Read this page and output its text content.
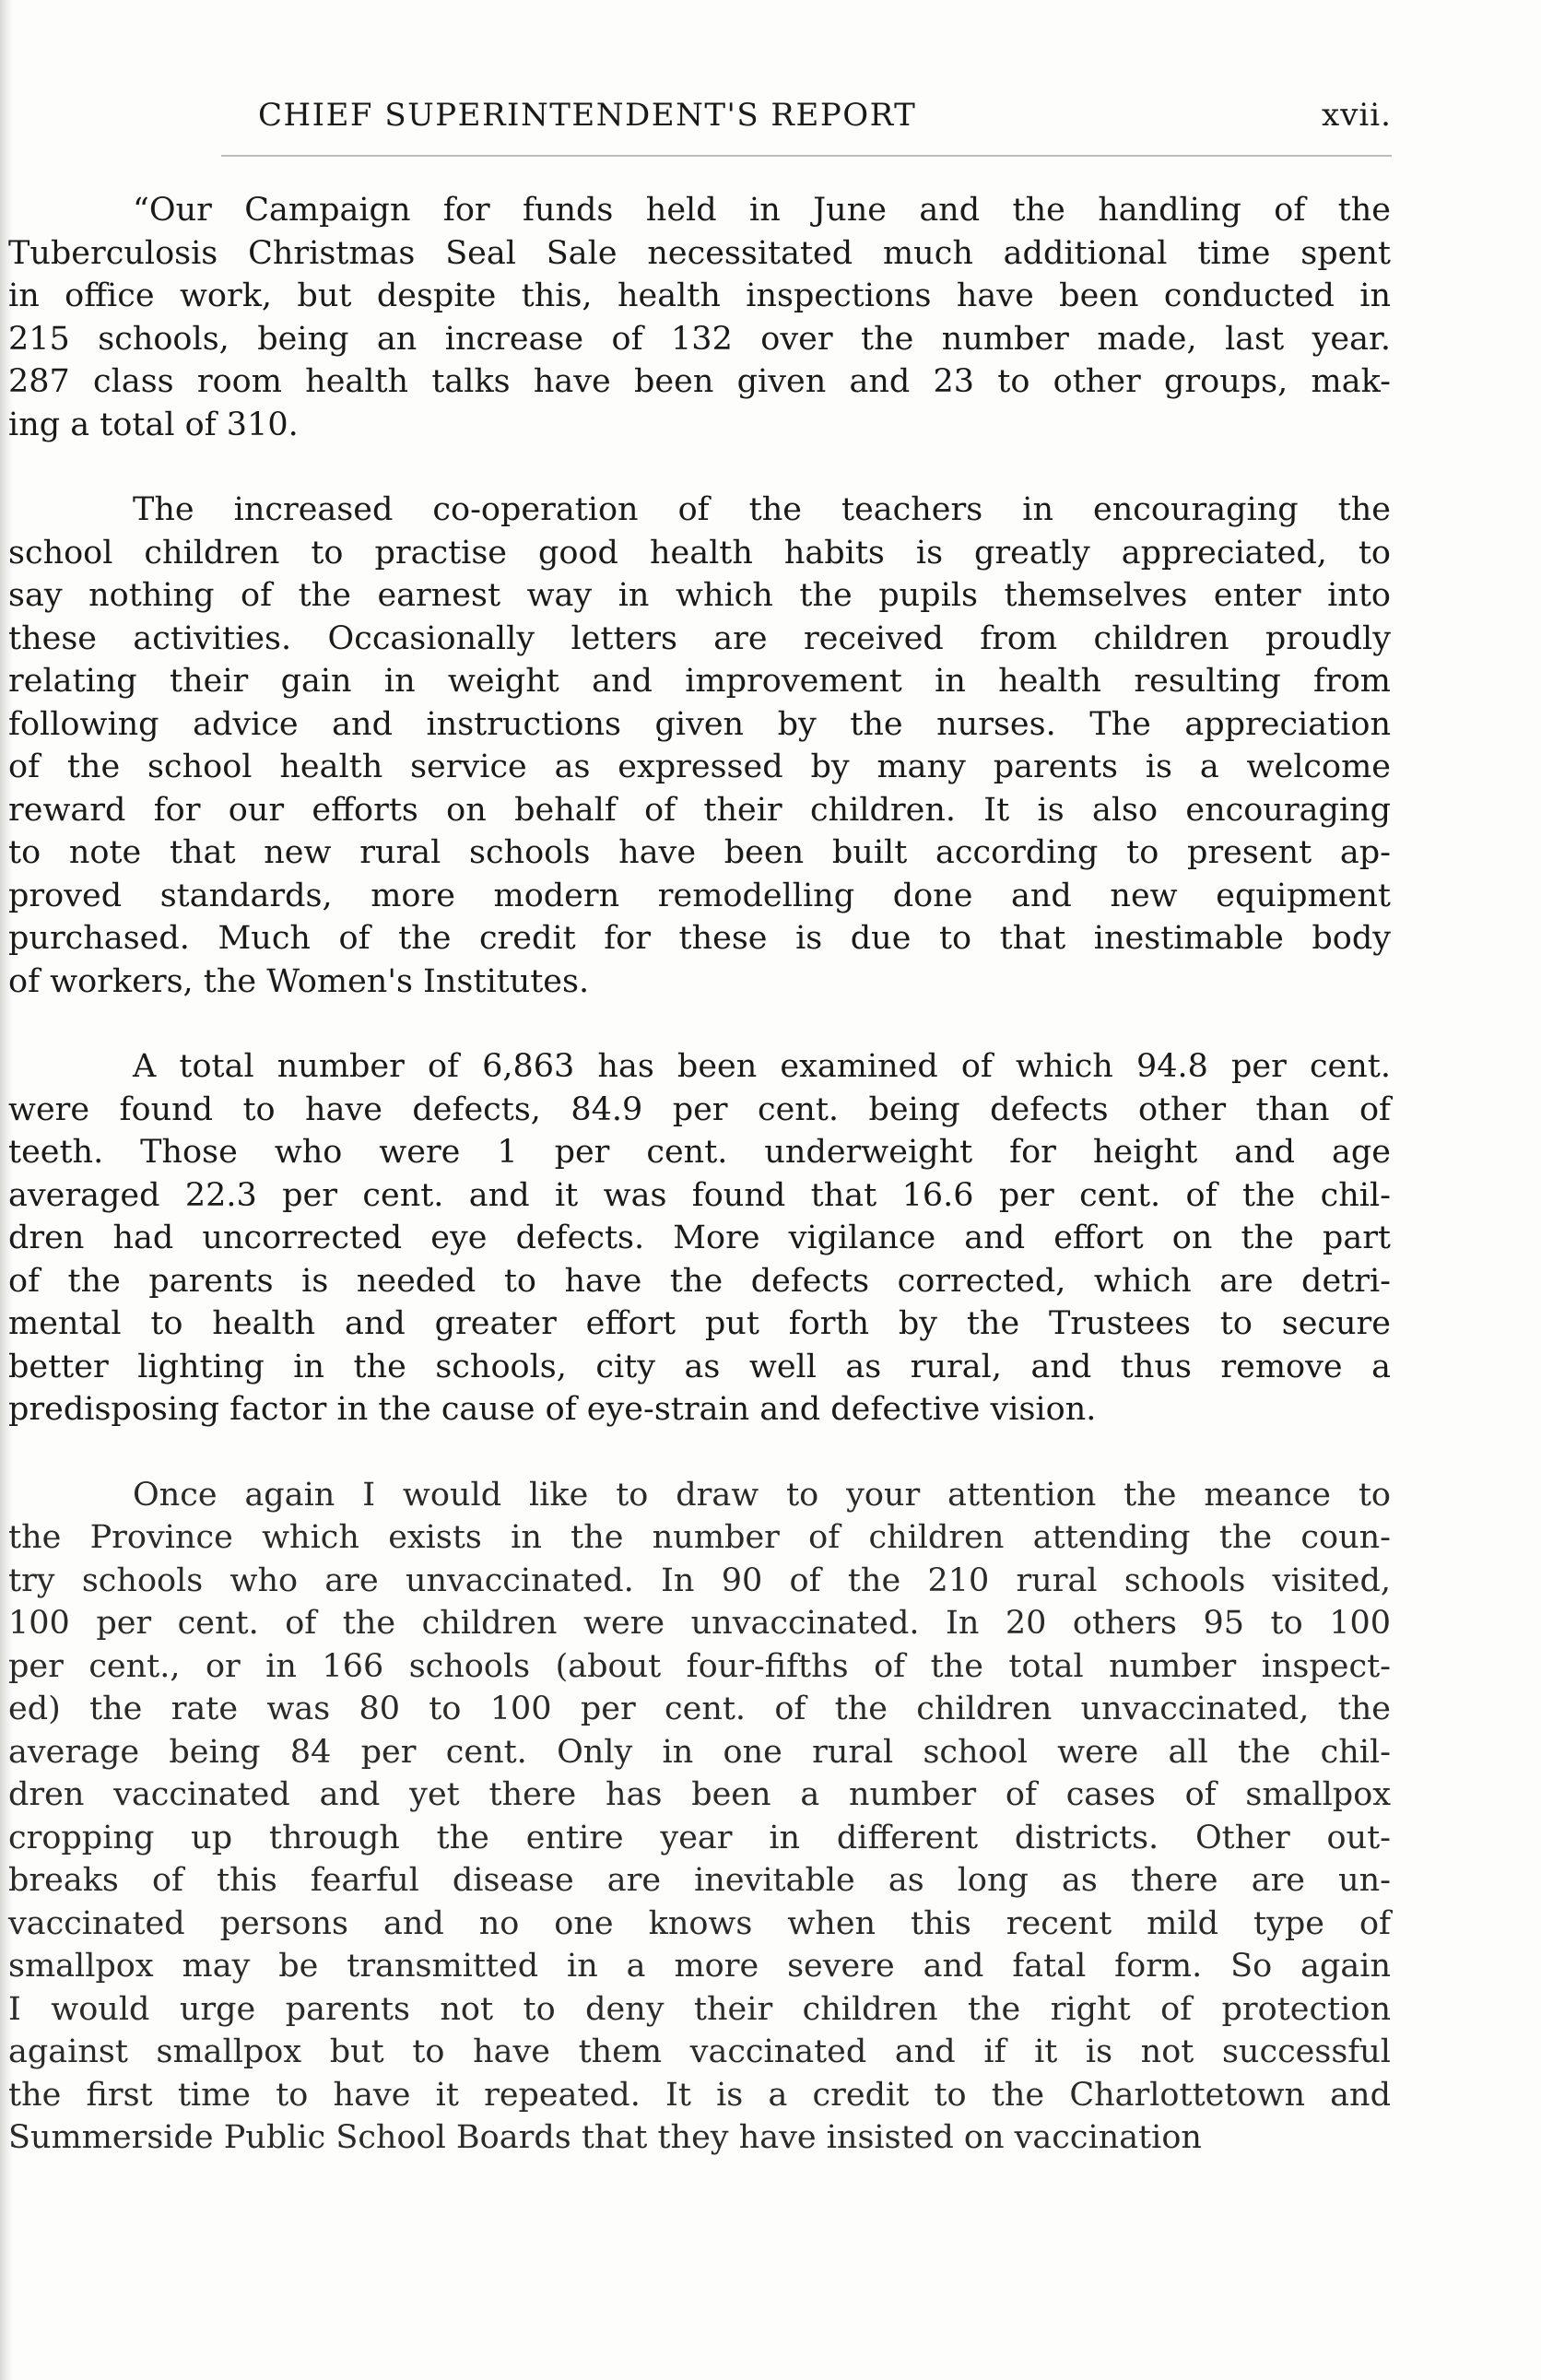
CHIEF SUPERINTENDENT'S REPORT	xvii.
“Our Campaign for funds held in June and the handling of the
Tuberculosis Christmas Seal Sale necessitated much additional time spent
in office work, but despite this, health inspections have been conducted in
215 schools, being an increase of 132 over the number made, last year.
287 class room health talks have been given and 23 to other groups, mak-
ing a total of 310.
The increased co-operation of the teachers in encouraging the
school children to practise good health habits is greatly appreciated, to
say nothing of the earnest way in which the pupils themselves enter into
these activities. Occasionally letters are received from children proudly
relating their gain in weight and improvement in health resulting from
following advice and instructions given by the nurses. The appreciation
of the school health service as expressed by many parents is a welcome
reward for our efforts on behalf of their children. It is also encouraging
to note that new rural schools have been built according to present ap-
proved standards, more modern remodelling done and new equipment
purchased. Much of the credit for these is due to that inestimable body
of workers, the Women's Institutes.
A total number of 6,863 has been examined of which 94.8 per cent.
were found to have defects, 84.9 per cent. being defects other than of
teeth. Those who were 1 per cent. underweight for height and age
averaged 22.3 per cent. and it was found that 16.6 per cent. of the chil-
dren had uncorrected eye defects. More vigilance and effort on the part
of the parents is needed to have the defects corrected, which are detri-
mental to health and greater effort put forth by the Trustees to secure
better lighting in the schools, city as well as rural, and thus remove a
predisposing factor in the cause of eye-strain and defective vision.
Once again I would like to draw to your attention the meance to
the Province which exists in the number of children attending the coun-
try schools who are unvaccinated. In 90 of the 210 rural schools visited,
100 per cent. of the children were unvaccinated. In 20 others 95 to 100
per cent., or in 166 schools (about four-fifths of the total number inspect-
ed) the rate was 80 to 100 per cent. of the children unvaccinated, the
average being 84 per cent. Only in one rural school were all the chil-
dren vaccinated and yet there has been a number of cases of smallpox
cropping up through the entire year in different districts. Other out-
breaks of this fearful disease are inevitable as long as there are un-
vaccinated persons and no one knows when this recent mild type of
smallpox may be transmitted in a more severe and fatal form. So again
I would urge parents not to deny their children the right of protection
against smallpox but to have them vaccinated and if it is not successful
the first time to have it repeated. It is a credit to the Charlottetown and
Summerside Public School Boards that they have insisted on vaccination
